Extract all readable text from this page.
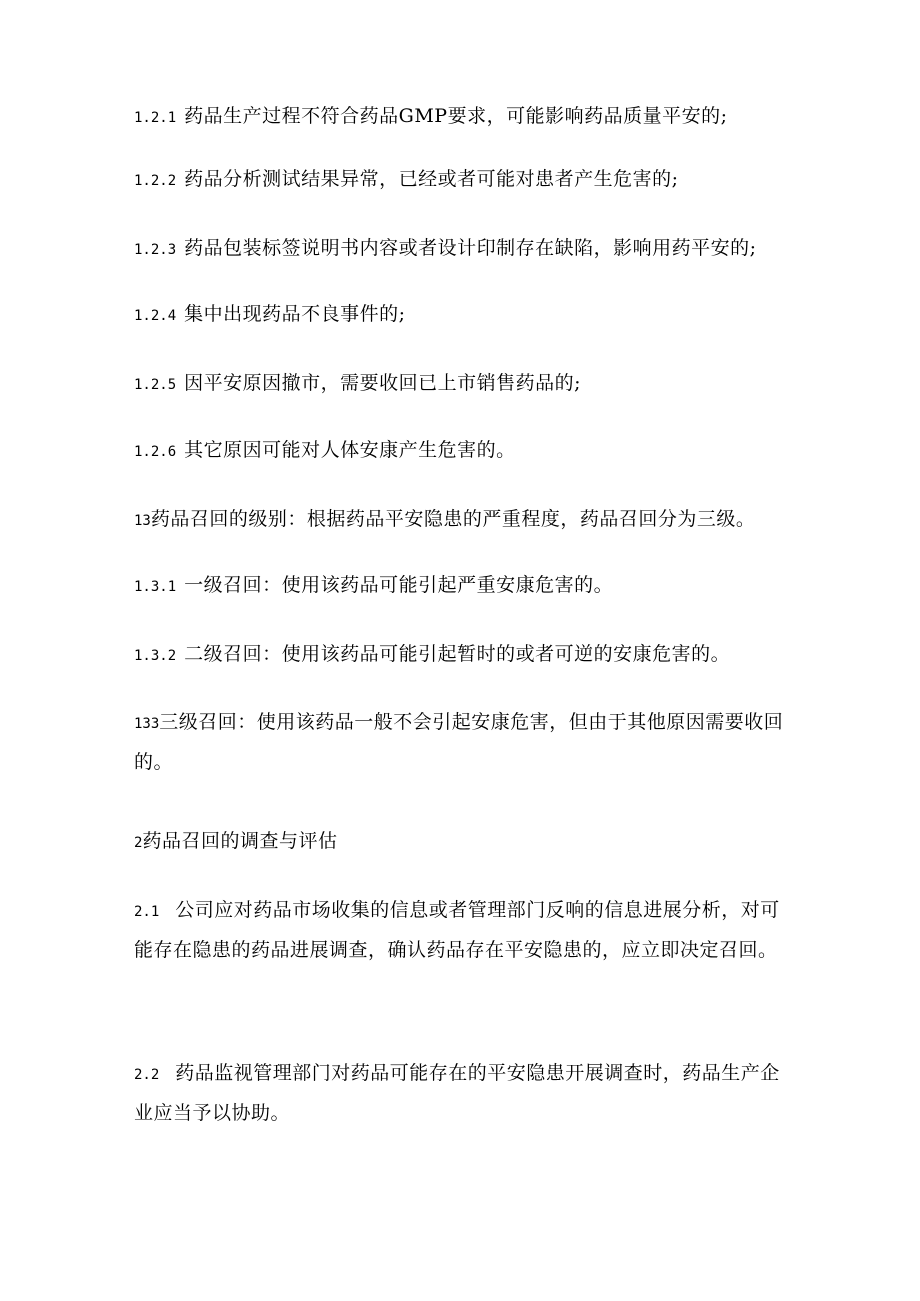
1.2.1 药品生产过程不符合药品GMP要求，可能影响药品质量平安的;
1.2.2 药品分析测试结果异常，已经或者可能对患者产生危害的;
1.2.3 药品包装标签说明书内容或者设计印制存在缺陷，影响用药平安的;
1.2.4 集中出现药品不良事件的;
1.2.5 因平安原因撤市，需要收回已上市销售药品的;
1.2.6 其它原因可能对人体安康产生危害的。
13药品召回的级别：根据药品平安隐患的严重程度，药品召回分为三级。
1.3.1 一级召回：使用该药品可能引起严重安康危害的。
1.3.2 二级召回：使用该药品可能引起暂时的或者可逆的安康危害的。
133三级召回：使用该药品一般不会引起安康危害，但由于其他原因需要收回的。
2药品召回的调查与评估
2.1 公司应对药品市场收集的信息或者管理部门反响的信息进展分析，对可能存在隐患的药品进展调查，确认药品存在平安隐患的，应立即决定召回。
2.2 药品监视管理部门对药品可能存在的平安隐患开展调查时，药品生产企业应当予以协助。
